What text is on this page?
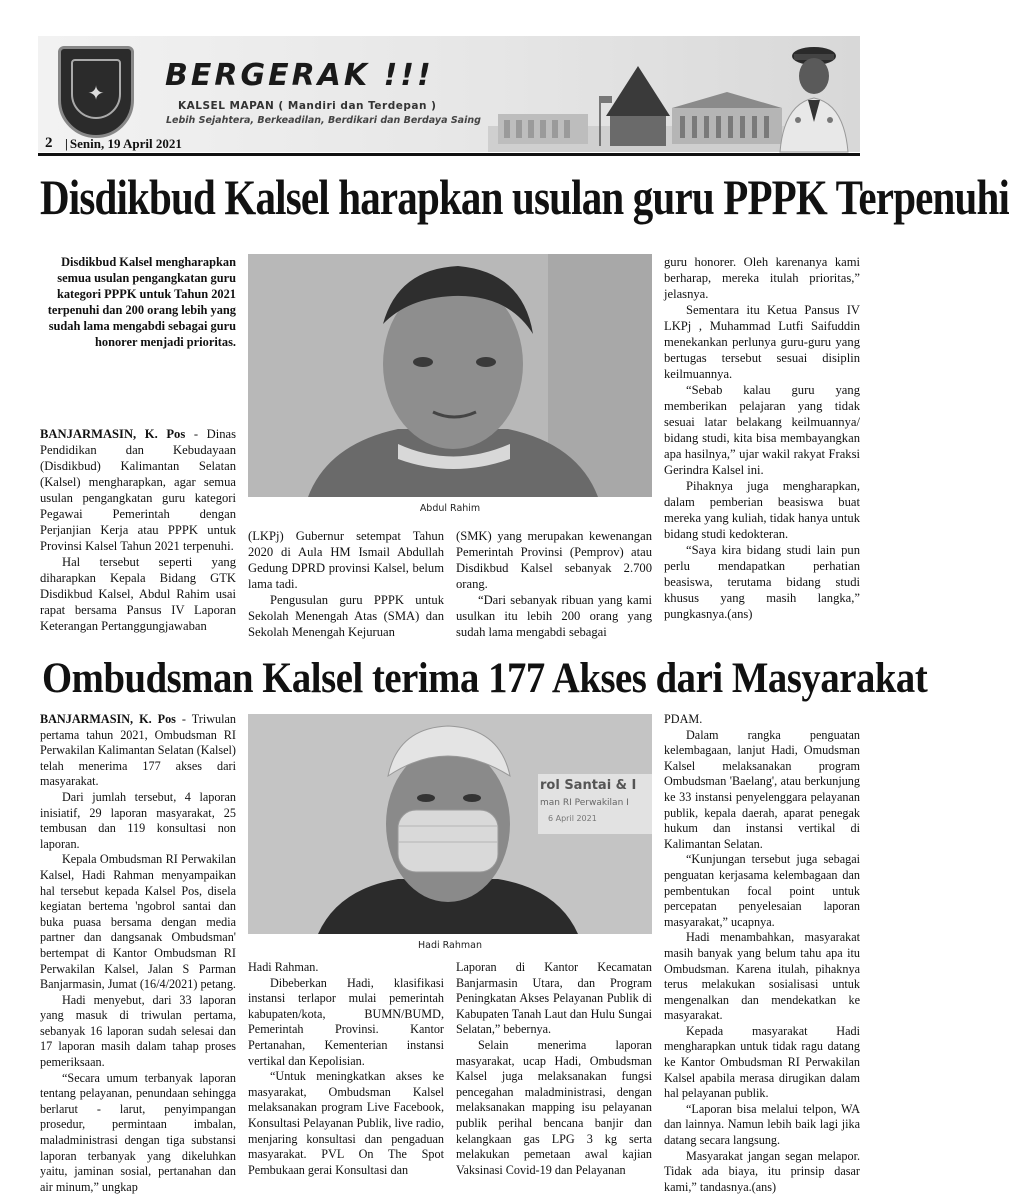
✦
BERGERAK !!!
KALSEL MAPAN ( Mandiri dan Terdepan )
Lebih Sejahtera, Berkeadilan, Berdikari dan Berdaya Saing
2
|	Senin, 19 April 2021
Disdikbud Kalsel harapkan usulan guru PPPK Terpenuhi
Disdikbud Kalsel mengharapkan semua usulan pengangkatan guru kategori PPPK untuk Tahun 2021 terpenuhi dan 200 orang lebih yang sudah lama mengabdi sebagai guru honorer menjadi prioritas.
Abdul Rahim

BANJARMASIN, K. Pos - Dinas Pendidikan dan Kebudayaan (Disdikbud) Kalimantan Selatan (Kalsel) mengharapkan, agar semua usulan pengangkatan guru kategori Pegawai Pemerintah dengan Perjanjian Kerja atau PPPK untuk Provinsi Kalsel Tahun 2021 terpenuhi.

Hal tersebut seperti yang diharapkan Kepala Bidang GTK Disdikbud Kalsel, Abdul Rahim usai rapat bersama Pansus IV Laporan Keterangan Pertanggungjawaban

(LKPj) Gubernur setempat Tahun 2020 di Aula HM Ismail Abdullah Gedung DPRD provinsi Kalsel, belum lama tadi.

Pengusulan guru PPPK untuk Sekolah Menengah Atas (SMA) dan Sekolah Menengah Kejuruan

(SMK) yang merupakan kewenangan Pemerintah Provinsi (Pemprov) atau Disdikbud Kalsel sebanyak 2.700 orang.

“Dari sebanyak ribuan yang kami usulkan itu lebih 200 orang yang sudah lama mengabdi sebagai

guru honorer. Oleh karenanya kami berharap, mereka itulah prioritas,” jelasnya.

Sementara itu Ketua Pansus IV LKPj , Muhammad Lutfi Saifuddin menekankan perlunya guru-guru yang bertugas tersebut sesuai disiplin keilmuannya.

“Sebab kalau guru yang memberikan pelajaran yang tidak sesuai latar belakang keilmuannya/ bidang studi, kita bisa membayangkan apa hasilnya,” ujar wakil rakyat Fraksi Gerindra Kalsel ini.

Pihaknya juga mengharapkan, dalam pemberian beasiswa buat mereka yang kuliah, tidak hanya untuk bidang studi kedokteran.

“Saya kira bidang studi lain pun perlu mendapatkan perhatian beasiswa, terutama bidang studi khusus yang masih langka,” pungkasnya.(ans)

Ombudsman Kalsel terima 177 Akses dari Masyarakat
rol Santai & I
man RI Perwakilan I
6 April 2021
Hadi Rahman

BANJARMASIN, K. Pos - Triwulan pertama tahun 2021, Ombudsman RI Perwakilan Kalimantan Selatan (Kalsel) telah menerima 177 akses dari masyarakat.

Dari jumlah tersebut, 4 laporan inisiatif, 29 laporan masyarakat, 25 tembusan dan 119 konsultasi non laporan.

Kepala Ombudsman RI Perwakilan Kalsel, Hadi Rahman menyampaikan hal tersebut kepada Kalsel Pos, disela kegiatan bertema 'ngobrol santai dan buka puasa bersama dengan media partner dan dangsanak Ombudsman' bertempat di Kantor Ombudsman RI Perwakilan Kalsel, Jalan S Parman Banjarmasin, Jumat (16/4/2021) petang.

Hadi menyebut, dari 33 laporan yang masuk di triwulan pertama, sebanyak 16 laporan sudah selesai dan 17 laporan masih dalam tahap proses pemeriksaan.

“Secara umum terbanyak laporan tentang pelayanan, penundaan sehingga berlarut - larut, penyimpangan prosedur, permintaan imbalan, maladministrasi dengan tiga substansi laporan terbanyak yang dikeluhkan yaitu, jaminan sosial, pertanahan dan air minum,” ungkap

Hadi Rahman.

Dibeberkan Hadi, klasifikasi instansi terlapor mulai pemerintah kabupaten/kota, BUMN/BUMD, Pemerintah Provinsi. Kantor Pertanahan, Kementerian instansi vertikal dan Kepolisian.

“Untuk meningkatkan akses ke masyarakat, Ombudsman Kalsel melaksanakan program Live Facebook, Konsultasi Pelayanan Publik, live radio, menjaring konsultasi dan pengaduan masyarakat. PVL On The Spot Pembukaan gerai Konsultasi dan

Laporan di Kantor Kecamatan Banjarmasin Utara, dan Program Peningkatan Akses Pelayanan Publik di Kabupaten Tanah Laut dan Hulu Sungai Selatan,” bebernya.

Selain menerima laporan masyarakat, ucap Hadi, Ombudsman Kalsel juga melaksanakan fungsi pencegahan maladministrasi, dengan melaksanakan mapping isu pelayanan publik perihal bencana banjir dan kelangkaan gas LPG 3 kg serta melakukan pemetaan awal kajian Vaksinasi Covid-19 dan Pelayanan

PDAM.

Dalam rangka penguatan kelembagaan, lanjut Hadi, Omudsman Kalsel melaksanakan program Ombudsman 'Baelang', atau berkunjung ke 33 instansi penyelenggara pelayanan publik, kepala daerah, aparat penegak hukum dan instansi vertikal di Kalimantan Selatan.

“Kunjungan tersebut juga sebagai penguatan kerjasama kelembagaan dan pembentukan focal point untuk percepatan penyelesaian laporan masyarakat,” ucapnya.

Hadi menambahkan, masyarakat masih banyak yang belum tahu apa itu Ombudsman. Karena itulah, pihaknya terus melakukan sosialisasi untuk mengenalkan dan mendekatkan ke masyarakat.

Kepada masyarakat Hadi mengharapkan untuk tidak ragu datang ke Kantor Ombudsman RI Perwakilan Kalsel apabila merasa dirugikan dalam hal pelayanan publik.

“Laporan bisa melalui telpon, WA dan lainnya. Namun lebih baik lagi jika datang secara langsung.

Masyarakat jangan segan melapor. Tidak ada biaya, itu prinsip dasar kami,” tandasnya.(ans)
